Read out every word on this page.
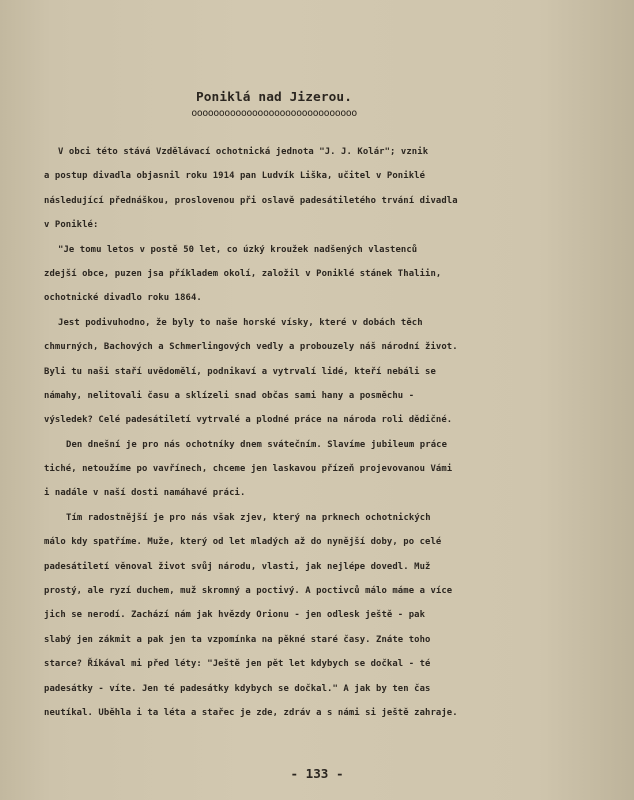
Poniklá nad Jizerou.
oooooooooooooooooooooooooooooo
V obci této stává Vzdělávací ochotnická jednota "J. J. Kolár"; vznik
a postup divadla objasnil roku 1914 pan Ludvík Liška, učitel v Poniklé
následující přednáškou, proslovenou při oslavě padesátiletého trvání divadla
v Poniklé:
"Je tomu letos v postě 50 let, co úzký kroužek nadšených vlastenců
zdejší obce, puzen jsa příkladem okolí, založil v Poniklé stánek Thaliin,
ochotnické divadlo roku 1864.
Jest podivuhodno, že byly to naše horské vísky, které v dobách těch
chmurných, Bachových a Schmerlingových vedly a probouzely náš národní život.
Byli tu naši staří uvědomělí, podnikaví a vytrvalí lidé, kteří nebáli se
námahy, nelitovali času a sklízeli snad občas sami hany a posměchu -
výsledek? Celé padesátiletí vytrvalé a plodné práce na národa roli dědičné.
Den dnešní je pro nás ochotníky dnem svátečním. Slavíme jubileum práce
tiché, netoužíme po vavřínech, chceme jen laskavou přízeň projevovanou Vámi
i nadále v naší dosti namáhavé práci.
Tím radostnější je pro nás však zjev, který na prknech ochotnických
málo kdy spatříme. Muže, který od let mladých až do nynější doby, po celé
padesátiletí věnoval život svůj národu, vlasti, jak nejlépe dovedl. Muž
prostý, ale ryzí duchem, muž skromný a poctivý. A poctivců málo máme a více
jich se nerodí. Zachází nám jak hvězdy Orionu - jen odlesk ještě - pak
slabý jen zákmit a pak jen ta vzpomínka na pěkné staré časy. Znáte toho
starce? Říkával mi před léty: "Ještě jen pět let kdybych se dočkal - té
padesátky - víte. Jen té padesátky kdybych se dočkal." A jak by ten čas
neutíkal. Uběhla i ta léta a stařec je zde, zdráv a s námi si ještě zahraje.
- 133 -
